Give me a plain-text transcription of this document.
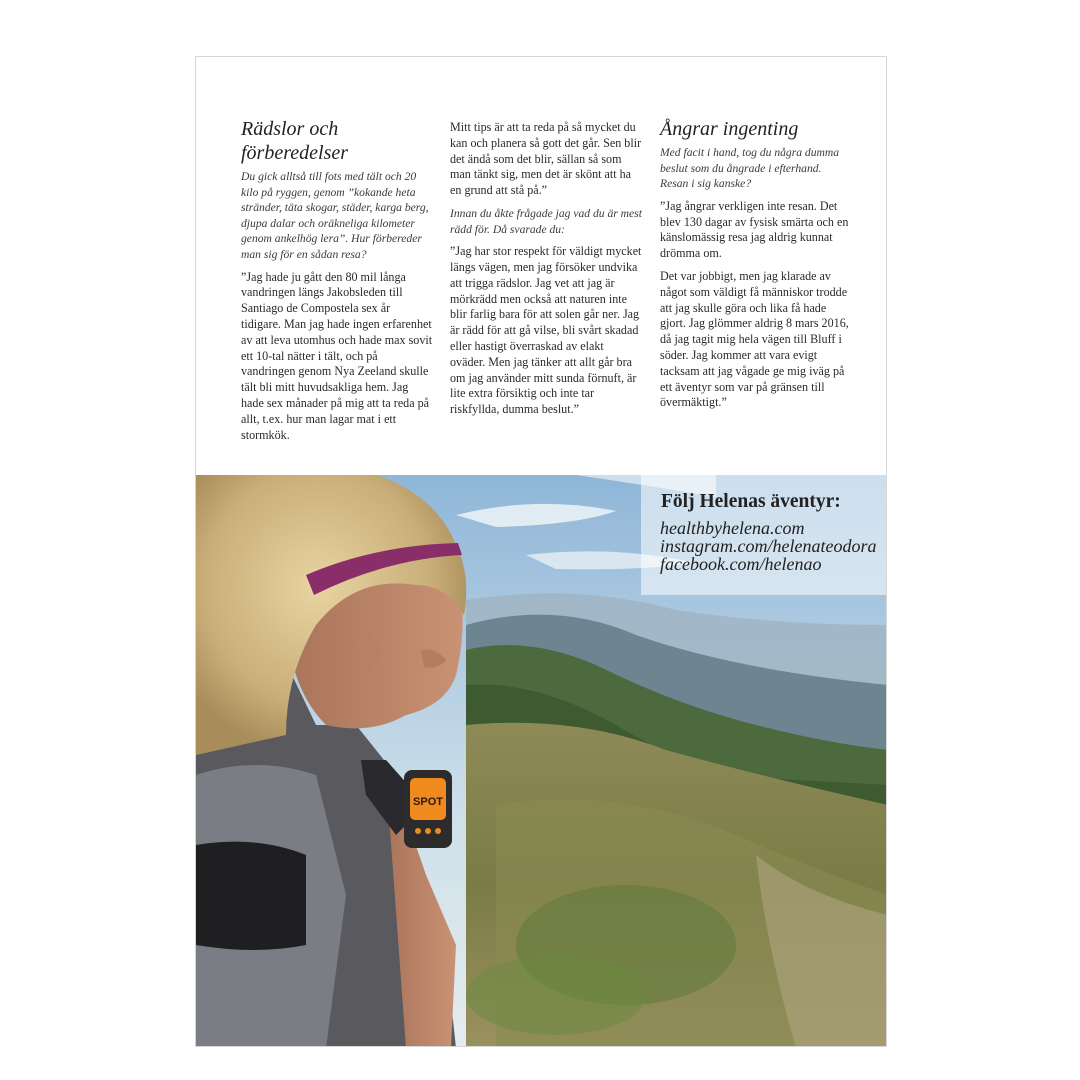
Rädslor och förberedelser

Du gick alltså till fots med tält och 20 kilo på ryggen, genom ”kokande heta stränder, täta skogar, städer, karga berg, djupa dalar och oräkneliga kilometer genom ankelhög lera”. Hur förbereder man sig för en sådan resa?

”Jag hade ju gått den 80 mil långa vandringen längs Jakobsleden till Santiago de Compostela sex år tidigare. Man jag hade ingen erfarenhet av att leva utomhus och hade max sovit ett 10-tal nätter i tält, och på vandringen genom Nya Zeeland skulle tält bli mitt huvudsakliga hem. Jag hade sex månader på mig att ta reda på allt, t.ex. hur man lagar mat i ett stormkök.

Mitt tips är att ta reda på så mycket du kan och planera så gott det går. Sen blir det ändå som det blir, sällan så som man tänkt sig, men det är skönt att ha en grund att stå på.”

Innan du åkte frågade jag vad du är mest rädd för. Då svarade du:

”Jag har stor respekt för väldigt mycket längs vägen, men jag försöker undvika att trigga rädslor. Jag vet att jag är mörkrädd men också att naturen inte blir farlig bara för att solen går ner. Jag är rädd för att gå vilse, bli svårt skadad eller hastigt överraskad av elakt oväder. Men jag tänker att allt går bra om jag använder mitt sunda förnuft, är lite extra försiktig och inte tar riskfyllda, dumma beslut.”

Ångrar ingenting

Med facit i hand, tog du några dumma beslut som du ångrade i efterhand. Resan i sig kanske?

”Jag ångrar verkligen inte resan. Det blev 130 dagar av fysisk smärta och en känslomässig resa jag aldrig kunnat drömma om.

Det var jobbigt, men jag klarade av något som väldigt få människor trodde att jag skulle göra och lika få hade gjort. Jag glömmer aldrig 8 mars 2016, då jag tagit mig hela vägen till Bluff i söder. Jag kommer att vara evigt tacksam att jag vågade ge mig iväg på ett äventyr som var på gränsen till övermäktigt.”

SPOT
Följ Helenas äventyr:
healthbyhelena.com
instagram.com/helenateodora
facebook.com/helenao
